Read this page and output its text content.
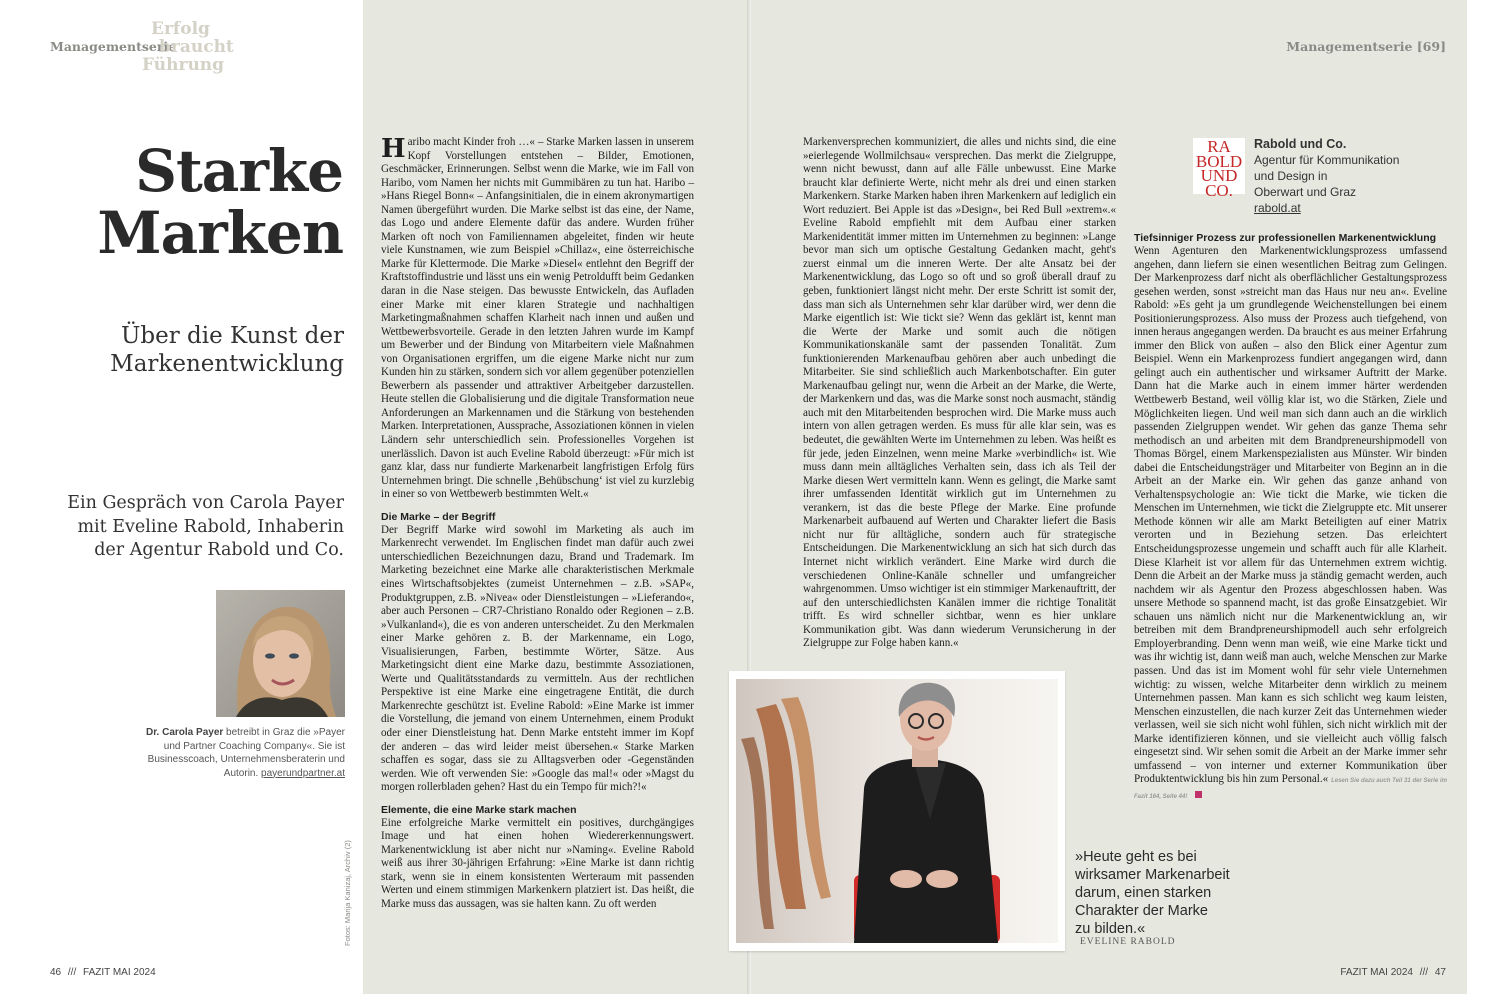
Managementserie
Erfolg
braucht
Führung
Managementserie [69]
Starke
Marken
Über die Kunst der
Markenentwicklung
Ein Gespräch von Carola Payer
mit Eveline Rabold, Inhaberin
der Agentur Rabold und Co.
Dr. Carola Payer betreibt in Graz die »Payer und Partner Coaching Company«. Sie ist Businesscoach, Unternehmensberaterin und Autorin. payerundpartner.at
Fotos: Marija Kanizaj, Archiv (2)

Haribo macht Kinder froh …« – Starke Marken lassen in unserem Kopf Vorstellungen entstehen – Bilder, Emotionen, Geschmäcker, Erinnerungen. Selbst wenn die Marke, wie im Fall von Haribo, vom Namen her nichts mit Gummibären zu tun hat. Haribo – »Hans Riegel Bonn« – Anfangsinitialen, die in einem akronymartigen Namen übergeführt wurden. Die Marke selbst ist das eine, der Name, das Logo und andere Elemente dafür das andere. Wurden früher Marken oft noch von Familiennamen abgeleitet, finden wir heute viele Kunstnamen, wie zum Beispiel »Chillaz«, eine österreichische Marke für Klettermode. Die Marke »Diesel« entlehnt den Begriff der Kraftstoffindustrie und lässt uns ein wenig Petroldufft beim Gedanken daran in die Nase steigen. Das bewusste Entwickeln, das Aufladen einer Marke mit einer klaren Strategie und nachhaltigen Marketingmaßnahmen schaffen Klarheit nach innen und außen und Wettbewerbsvorteile. Gerade in den letzten Jahren wurde im Kampf um Bewerber und der Bindung von Mitarbeitern viele Maßnahmen von Organisationen ergriffen, um die eigene Marke nicht nur zum Kunden hin zu stärken, sondern sich vor allem gegenüber potenziellen Bewerbern als passender und attraktiver Arbeitgeber darzustellen. Heute stellen die Globalisierung und die digitale Transformation neue Anforderungen an Markennamen und die Stärkung von bestehenden Marken. Interpretationen, Aussprache, Assoziationen können in vielen Ländern sehr unterschiedlich sein. Professionelles Vorgehen ist unerlässlich. Davon ist auch Eveline Rabold überzeugt: »Für mich ist ganz klar, dass nur fundierte Markenarbeit langfristigen Erfolg fürs Unternehmen bringt. Die schnelle ‚Behübschung‘ ist viel zu kurzlebig in einer so von Wettbewerb bestimmten Welt.«

Die Marke – der Begriff

Der Begriff Marke wird sowohl im Marketing als auch im Markenrecht verwendet. Im Englischen findet man dafür auch zwei unterschiedlichen Bezeichnungen dazu, Brand und Trademark. Im Marketing bezeichnet eine Marke alle charakteristischen Merkmale eines Wirtschaftsobjektes (zumeist Unternehmen – z.B. »SAP«, Produktgruppen, z.B. »Nivea« oder Dienstleistungen – »Lieferando«, aber auch Personen – CR7-Christiano Ronaldo oder Regionen – z.B. »Vulkanland«), die es von anderen unterscheidet. Zu den Merkmalen einer Marke gehören z. B. der Markenname, ein Logo, Visualisierungen, Farben, bestimmte Wörter, Sätze. Aus Marketingsicht dient eine Marke dazu, bestimmte Assoziationen, Werte und Qualitätsstandards zu vermitteln. Aus der rechtlichen Perspektive ist eine Marke eine eingetragene Entität, die durch Markenrechte geschützt ist. Eveline Rabold: »Eine Marke ist immer die Vorstellung, die jemand von einem Unternehmen, einem Produkt oder einer Dienstleistung hat. Denn Marke entsteht immer im Kopf der anderen – das wird leider meist übersehen.« Starke Marken schaffen es sogar, dass sie zu Alltagsverben oder -Gegenständen werden. Wie oft verwenden Sie: »Google das mal!« oder »Magst du morgen rollerbladen gehen? Hast du ein Tempo für mich?!«

Elemente, die eine Marke stark machen

Eine erfolgreiche Marke vermittelt ein positives, durchgängiges Image und hat einen hohen Wiedererkennungswert. Markenentwicklung ist aber nicht nur »Naming«. Eveline Rabold weiß aus ihrer 30-jährigen Erfahrung: »Eine Marke ist dann richtig stark, wenn sie in einem konsistenten Werteraum mit passenden Werten und einem stimmigen Markenkern platziert ist. Das heißt, die Marke muss das aussagen, was sie halten kann. Zu oft werden

Markenversprechen kommuniziert, die alles und nichts sind, die eine »eierlegende Wollmilchsau« versprechen. Das merkt die Zielgruppe, wenn nicht bewusst, dann auf alle Fälle unbewusst. Eine Marke braucht klar definierte Werte, nicht mehr als drei und einen starken Markenkern. Starke Marken haben ihren Markenkern auf lediglich ein Wort reduziert. Bei Apple ist das »Design«, bei Red Bull »extrem«.« Eveline Rabold empfiehlt mit dem Aufbau einer starken Markenidentität immer mitten im Unternehmen zu beginnen: »Lange bevor man sich um optische Gestaltung Gedanken macht, geht's zuerst einmal um die inneren Werte. Der alte Ansatz bei der Markenentwicklung, das Logo so oft und so groß überall drauf zu geben, funktioniert längst nicht mehr. Der erste Schritt ist somit der, dass man sich als Unternehmen sehr klar darüber wird, wer denn die Marke eigentlich ist: Wie tickt sie? Wenn das geklärt ist, kennt man die Werte der Marke und somit auch die nötigen Kommunikationskanäle samt der passenden Tonalität. Zum funktionierenden Markenaufbau gehören aber auch unbedingt die Mitarbeiter. Sie sind schließlich auch Markenbotschafter. Ein guter Markenaufbau gelingt nur, wenn die Arbeit an der Marke, die Werte, der Markenkern und das, was die Marke sonst noch ausmacht, ständig auch mit den Mitarbeitenden besprochen wird. Die Marke muss auch intern von allen getragen werden. Es muss für alle klar sein, was es bedeutet, die gewählten Werte im Unternehmen zu leben. Was heißt es für jede, jeden Einzelnen, wenn meine Marke »verbindlich« ist. Wie muss dann mein alltägliches Verhalten sein, dass ich als Teil der Marke diesen Wert vermitteln kann. Wenn es gelingt, die Marke samt ihrer umfassenden Identität wirklich gut im Unternehmen zu verankern, ist das die beste Pflege der Marke. Eine profunde Markenarbeit aufbauend auf Werten und Charakter liefert die Basis nicht nur für alltägliche, sondern auch für strategische Entscheidungen. Die Markenentwicklung an sich hat sich durch das Internet nicht wirklich verändert. Eine Marke wird durch die verschiedenen Online-Kanäle schneller und umfangreicher wahrgenommen. Umso wichtiger ist ein stimmiger Markenauftritt, der auf den unterschiedlichsten Kanälen immer die richtige Tonalität trifft. Es wird schneller sichtbar, wenn es hier unklare Kommunikation gibt. Was dann wiederum Verunsicherung in der Zielgruppe zur Folge haben kann.«

Tiefsinniger Prozess zur professionellen Markenentwicklung

Wenn Agenturen den Markenentwicklungsprozess umfassend angehen, dann liefern sie einen wesentlichen Beitrag zum Gelingen. Der Markenprozess darf nicht als oberflächlicher Gestaltungsprozess gesehen werden, sonst »streicht man das Haus nur neu an«. Eveline Rabold: »Es geht ja um grundlegende Weichenstellungen bei einem Positionierungsprozess. Also muss der Prozess auch tiefgehend, von innen heraus angegangen werden. Da braucht es aus meiner Erfahrung immer den Blick von außen – also den Blick einer Agentur zum Beispiel. Wenn ein Markenprozess fundiert angegangen wird, dann gelingt auch ein authentischer und wirksamer Auftritt der Marke. Dann hat die Marke auch in einem immer härter werdenden Wettbewerb Bestand, weil völlig klar ist, wo die Stärken, Ziele und Möglichkeiten liegen. Und weil man sich dann auch an die wirklich passenden Zielgruppen wendet. Wir gehen das ganze Thema sehr methodisch an und arbeiten mit dem Brandpreneurshipmodell von Thomas Börgel, einem Markenspezialisten aus Münster. Wir binden dabei die Entscheidungsträger und Mitarbeiter von Beginn an in die Arbeit an der Marke ein. Wir gehen das ganze anhand von Verhaltenspsychologie an: Wie tickt die Marke, wie ticken die Menschen im Unternehmen, wie tickt die Zielgruppte etc. Mit unserer Methode können wir alle am Markt Beteiligten auf einer Matrix verorten und in Beziehung setzen. Das erleichtert Entscheidungsprozesse ungemein und schafft auch für alle Klarheit. Diese Klarheit ist vor allem für das Unternehmen extrem wichtig. Denn die Arbeit an der Marke muss ja ständig gemacht werden, auch nachdem wir als Agentur den Prozess abgeschlossen haben. Was unsere Methode so spannend macht, ist das große Einsatzgebiet. Wir schauen uns nämlich nicht nur die Markenentwicklung an, wir betreiben mit dem Brandpreneurshipmodell auch sehr erfolgreich Employerbranding. Denn wenn man weiß, wie eine Marke tickt und was ihr wichtig ist, dann weiß man auch, welche Menschen zur Marke passen. Und das ist im Moment wohl für sehr viele Unternehmen wichtig: zu wissen, welche Mitarbeiter denn wirklich zu meinem Unternehmen passen. Man kann es sich schlicht weg kaum leisten, Menschen einzustellen, die nach kurzer Zeit das Unternehmen wieder verlassen, weil sie sich nicht wohl fühlen, sich nicht wirklich mit der Marke identifizieren können, und sie vielleicht auch völlig falsch eingesetzt sind. Wir sehen somit die Arbeit an der Marke immer sehr umfassend – von interner und externer Kommunikation über Produktentwicklung bis hin zum Personal.« Lesen Sie dazu auch Teil 31 der Serie im Fazit 164, Seite 44!

RA
BOLD
UND
CO.
Rabold und Co.
Agentur für Kommunikation
und Design in
Oberwart und Graz
rabold.at
»Heute geht es bei
wirksamer Markenarbeit
darum, einen starken
Charakter der Marke
zu bilden.«
EVELINE RABOLD
46 /// FAZIT MAI 2024	FAZIT MAI 2024 /// 47
